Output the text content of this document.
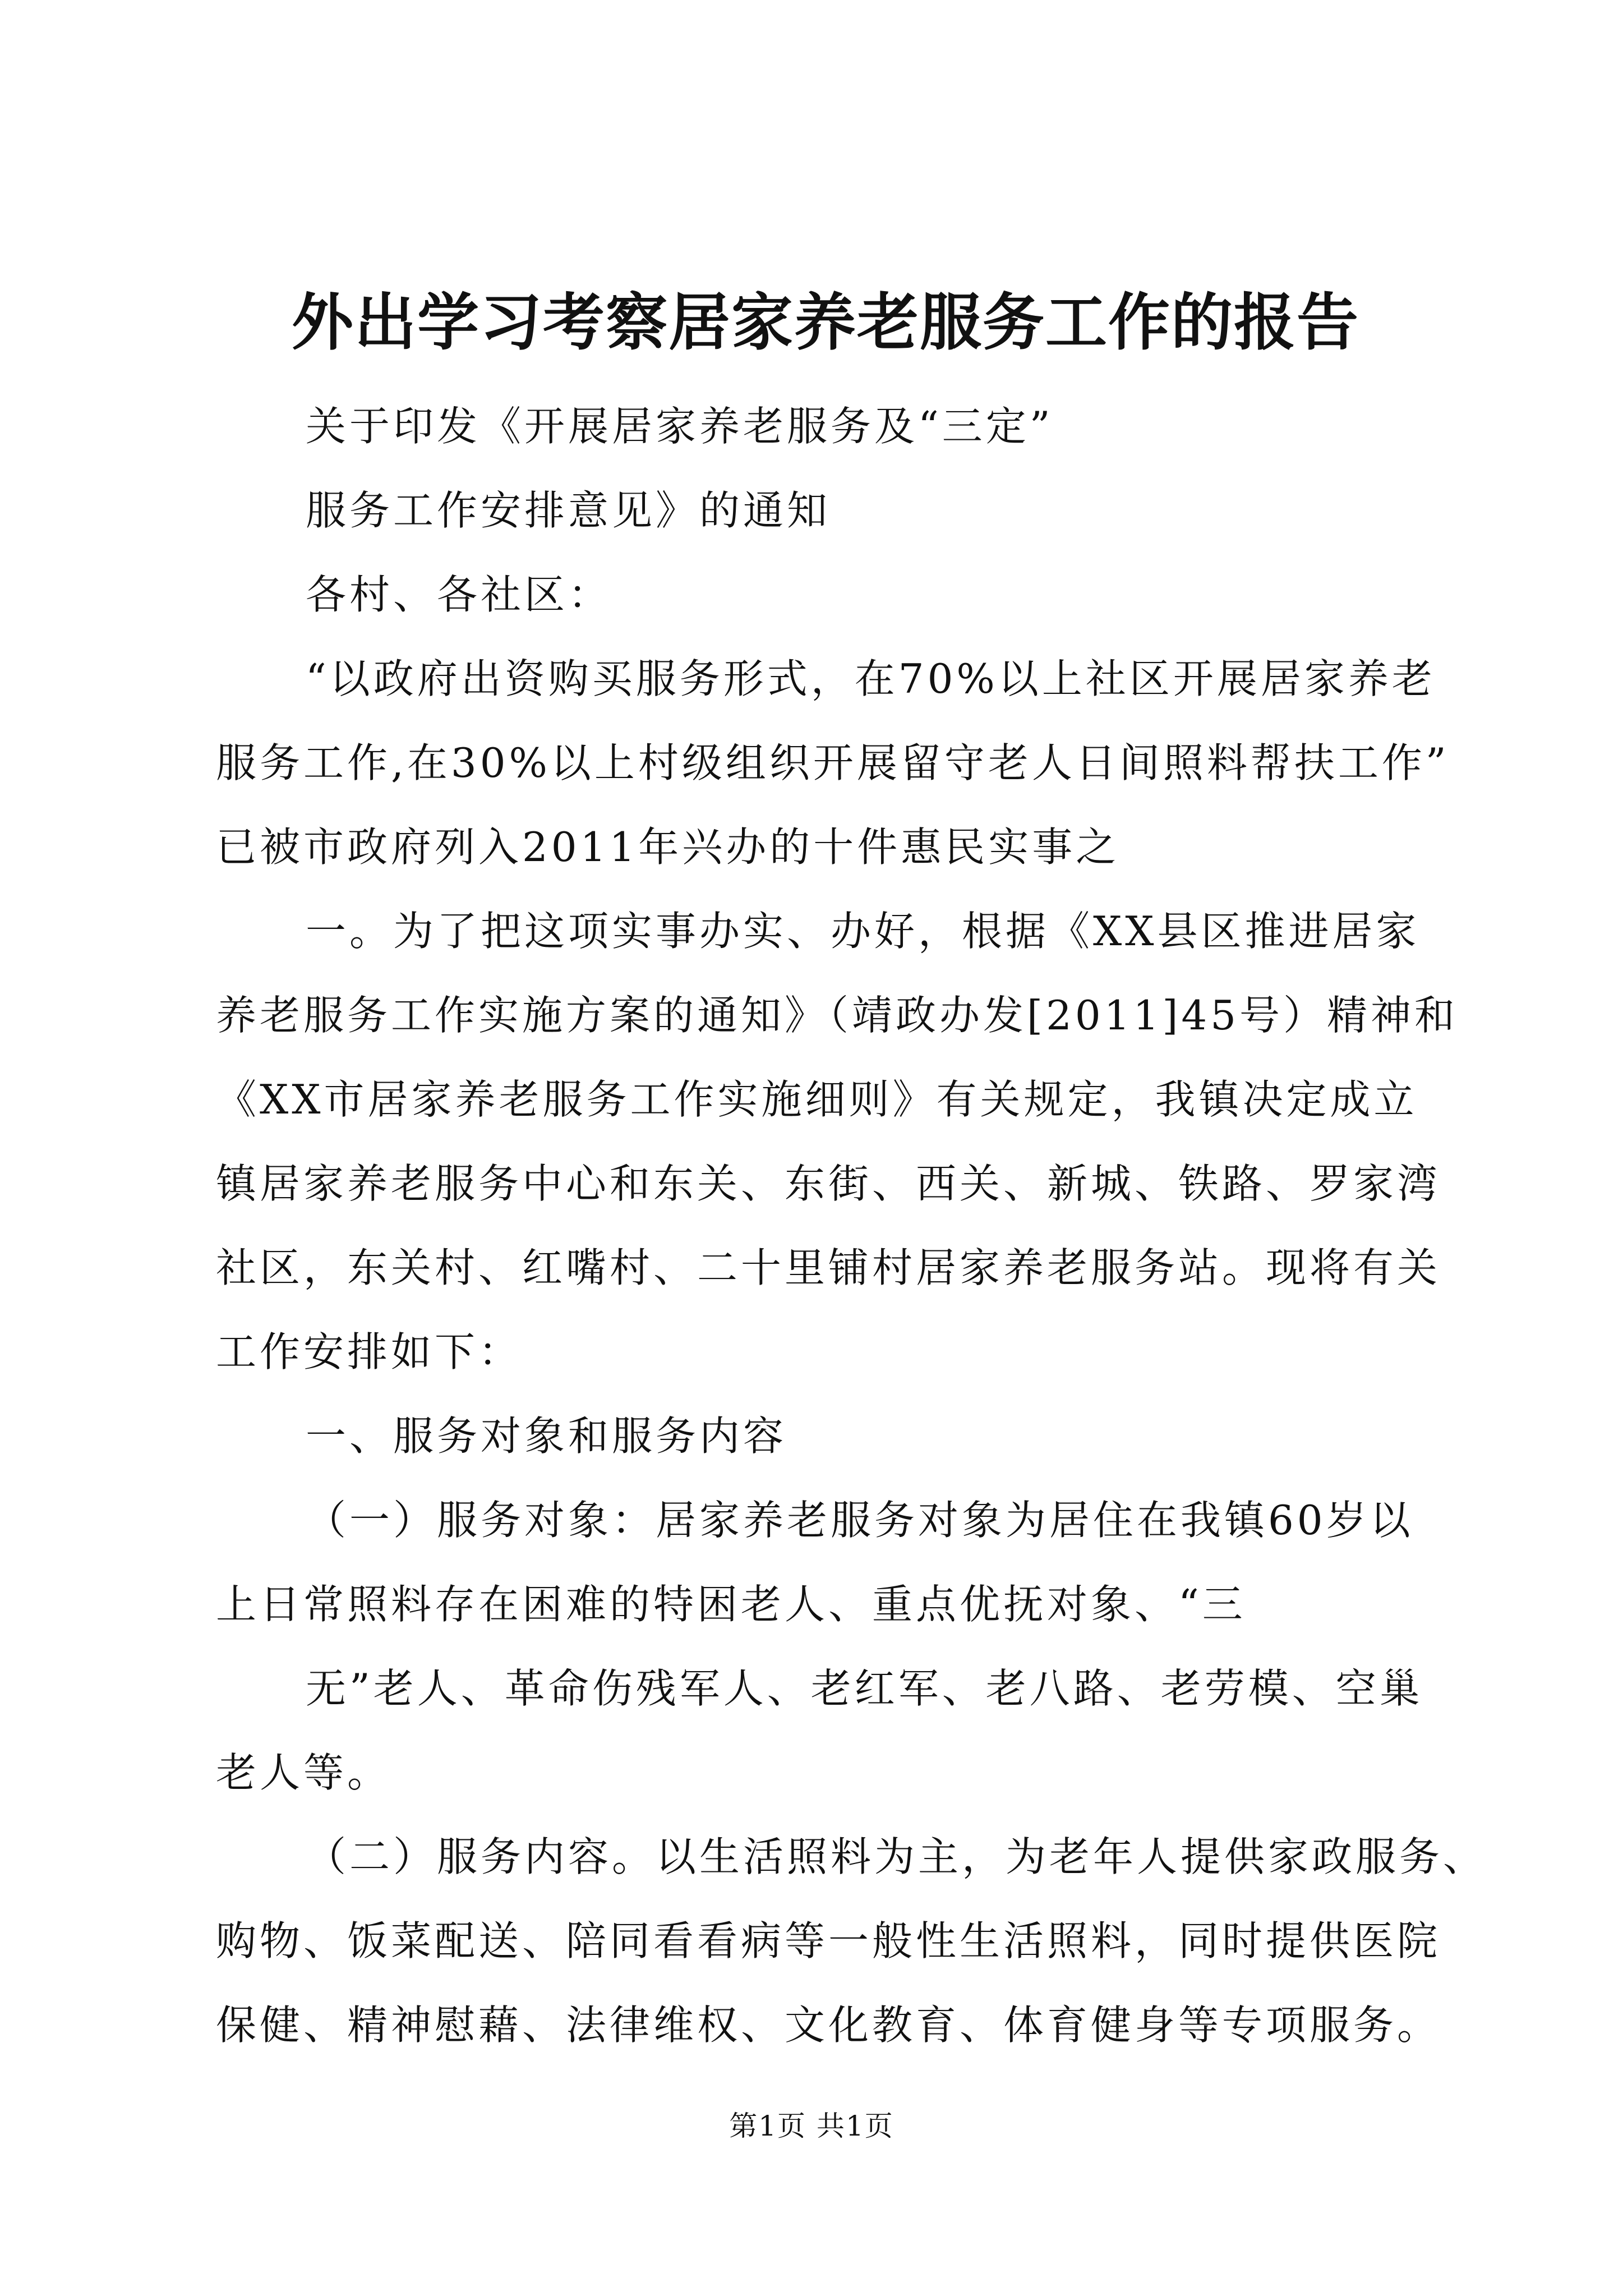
外出学习考察居家养老服务工作的报告
关于印发《开展居家养老服务及“三定”
服务工作安排意见》的通知
各村、各社区：
“以政府出资购买服务形式，在70%以上社区开展居家养老
服务工作,在30%以上村级组织开展留守老人日间照料帮扶工作”
已被市政府列入2011年兴办的十件惠民实事之
一。为了把这项实事办实、办好，根据《XX县区推进居家
养老服务工作实施方案的通知》（靖政办发[2011]45号）精神和
《XX市居家养老服务工作实施细则》有关规定，我镇决定成立
镇居家养老服务中心和东关、东街、西关、新城、铁路、罗家湾
社区，东关村、红嘴村、二十里铺村居家养老服务站。现将有关
工作安排如下：
一、服务对象和服务内容
（一）服务对象：居家养老服务对象为居住在我镇60岁以
上日常照料存在困难的特困老人、重点优抚对象、“三
无”老人、革命伤残军人、老红军、老八路、老劳模、空巢
老人等。
（二）服务内容。以生活照料为主，为老年人提供家政服务、
购物、饭菜配送、陪同看看病等一般性生活照料，同时提供医院
保健、精神慰藉、法律维权、文化教育、体育健身等专项服务。
第1页 共1页
